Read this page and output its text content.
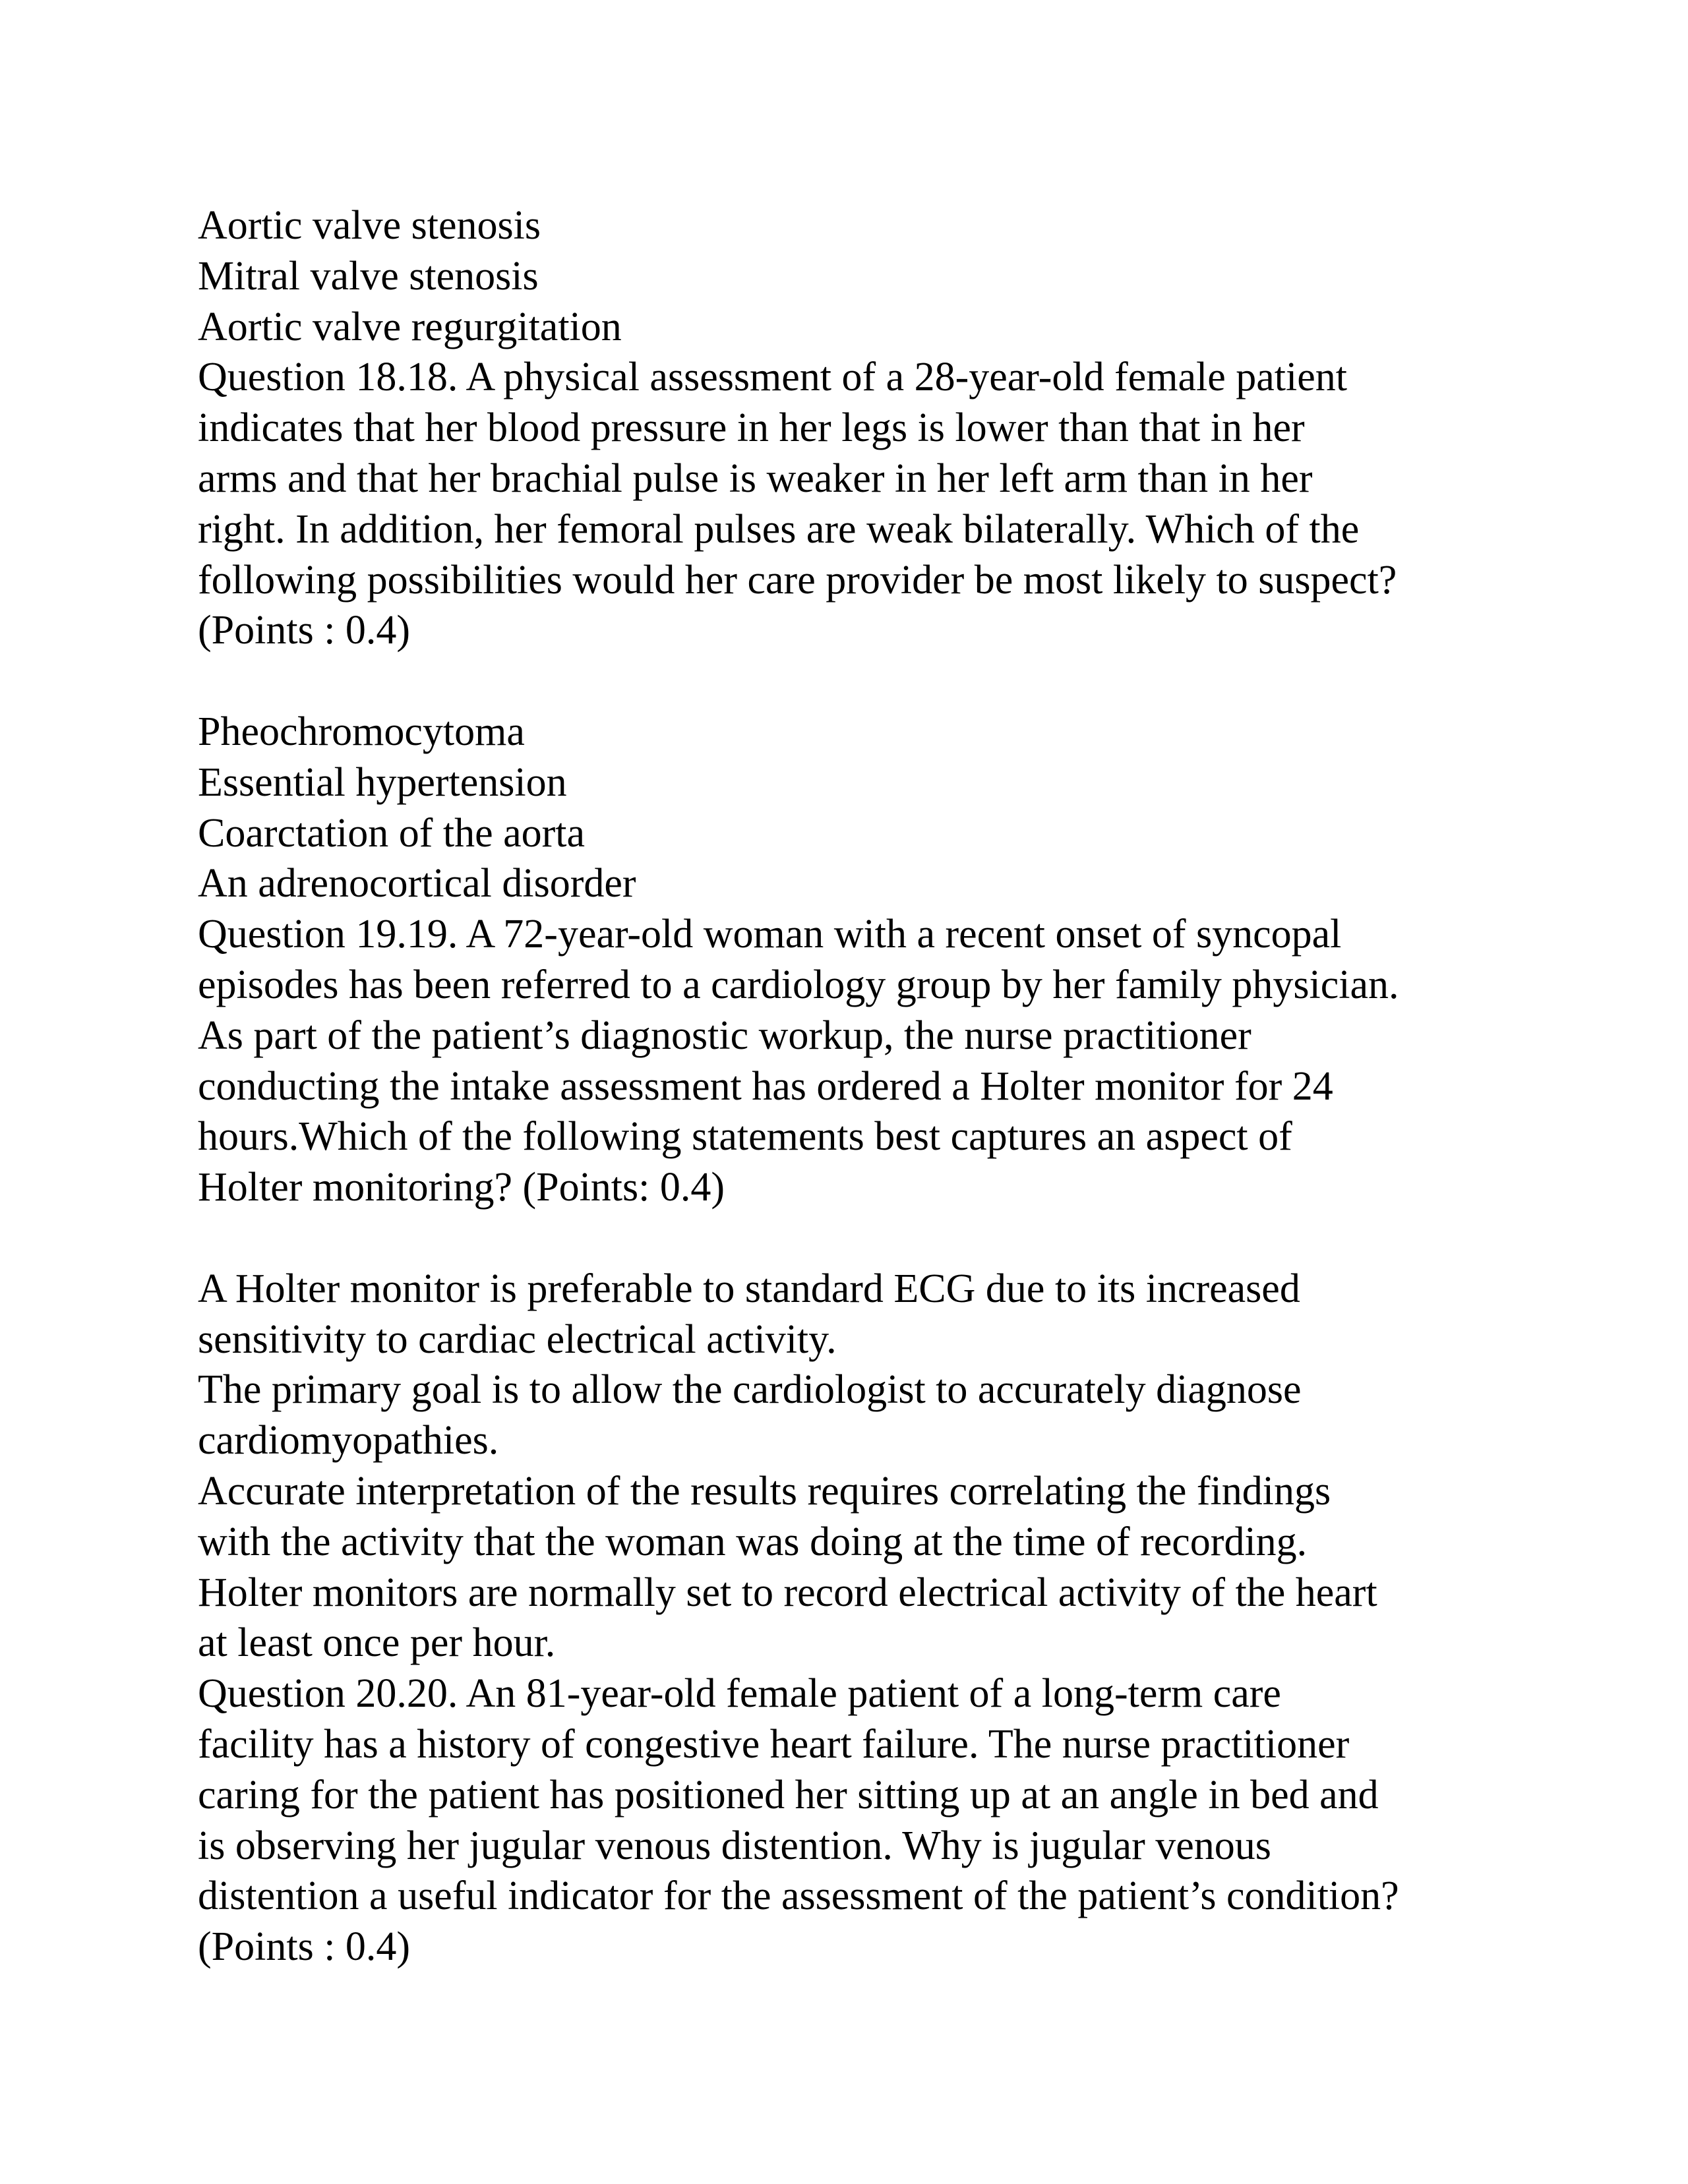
Aortic valve stenosis
Mitral valve stenosis
Aortic valve regurgitation
Question 18.18. A physical assessment of a 28-year-old female patient
indicates that her blood pressure in her legs is lower than that in her
arms and that her brachial pulse is weaker in her left arm than in her
right. In addition, her femoral pulses are weak bilaterally. Which of the
following possibilities would her care provider be most likely to suspect?
(Points : 0.4)
Pheochromocytoma
Essential hypertension
Coarctation of the aorta
An adrenocortical disorder
Question 19.19. A 72-year-old woman with a recent onset of syncopal
episodes has been referred to a cardiology group by her family physician.
As part of the patient’s diagnostic workup, the nurse practitioner
conducting the intake assessment has ordered a Holter monitor for 24
hours.Which of the following statements best captures an aspect of
Holter monitoring? (Points: 0.4)
A Holter monitor is preferable to standard ECG due to its increased
sensitivity to cardiac electrical activity.
The primary goal is to allow the cardiologist to accurately diagnose
cardiomyopathies.
Accurate interpretation of the results requires correlating the findings
with the activity that the woman was doing at the time of recording.
Holter monitors are normally set to record electrical activity of the heart
at least once per hour.
Question 20.20. An 81-year-old female patient of a long-term care
facility has a history of congestive heart failure. The nurse practitioner
caring for the patient has positioned her sitting up at an angle in bed and
is observing her jugular venous distention. Why is jugular venous
distention a useful indicator for the assessment of the patient’s condition?
(Points : 0.4)
